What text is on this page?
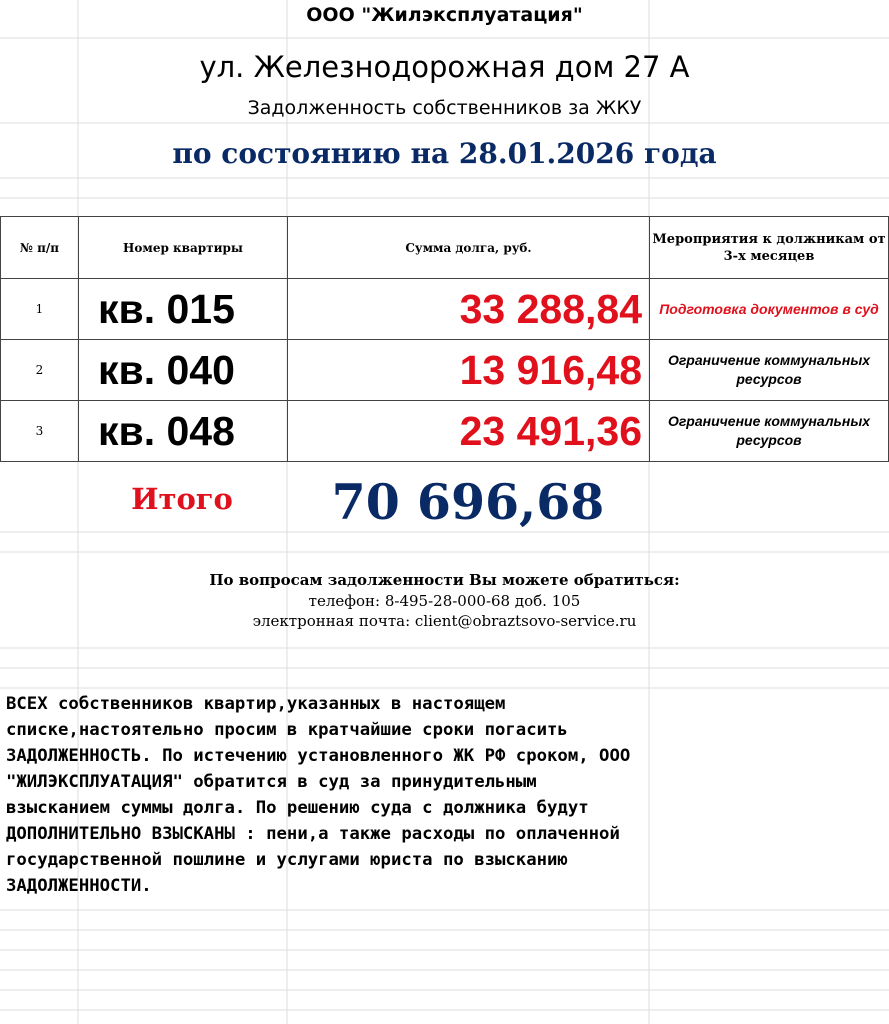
ООО "Жилэксплуатация"
ул. Железнодорожная дом 27 А
Задолженность собственников за ЖКУ
по состоянию на 28.01.2026 года
№ п/п	Номер квартиры	Сумма долга, руб.	Мероприятия к должникам от 3-х месяцев
1	кв. 015	33 288,84	Подготовка документов в суд
2	кв. 040	13 916,48	Ограничение коммунальных ресурсов
3	кв. 048	23 491,36	Ограничение коммунальных ресурсов
Итого	70 696,68
По вопросам задолженности Вы можете обратиться:
телефон: 8-495-28-000-68 доб. 105
электронная почта: client@obraztsovo-service.ru
ВСЕХ собственников квартир,указанных в настоящем
списке,настоятельно просим в кратчайшие сроки погасить
ЗАДОЛЖЕННОСТЬ. По истечению установленного ЖК РФ сроком, ООО
"ЖИЛЭКСПЛУАТАЦИЯ" обратится в суд за принудительным
взысканием суммы долга. По решению суда с должника будут
ДОПОЛНИТЕЛЬНО ВЗЫСКАНЫ : пени,а также расходы по оплаченной
государственной пошлине и услугами юриста по взысканию
ЗАДОЛЖЕННОСТИ.
